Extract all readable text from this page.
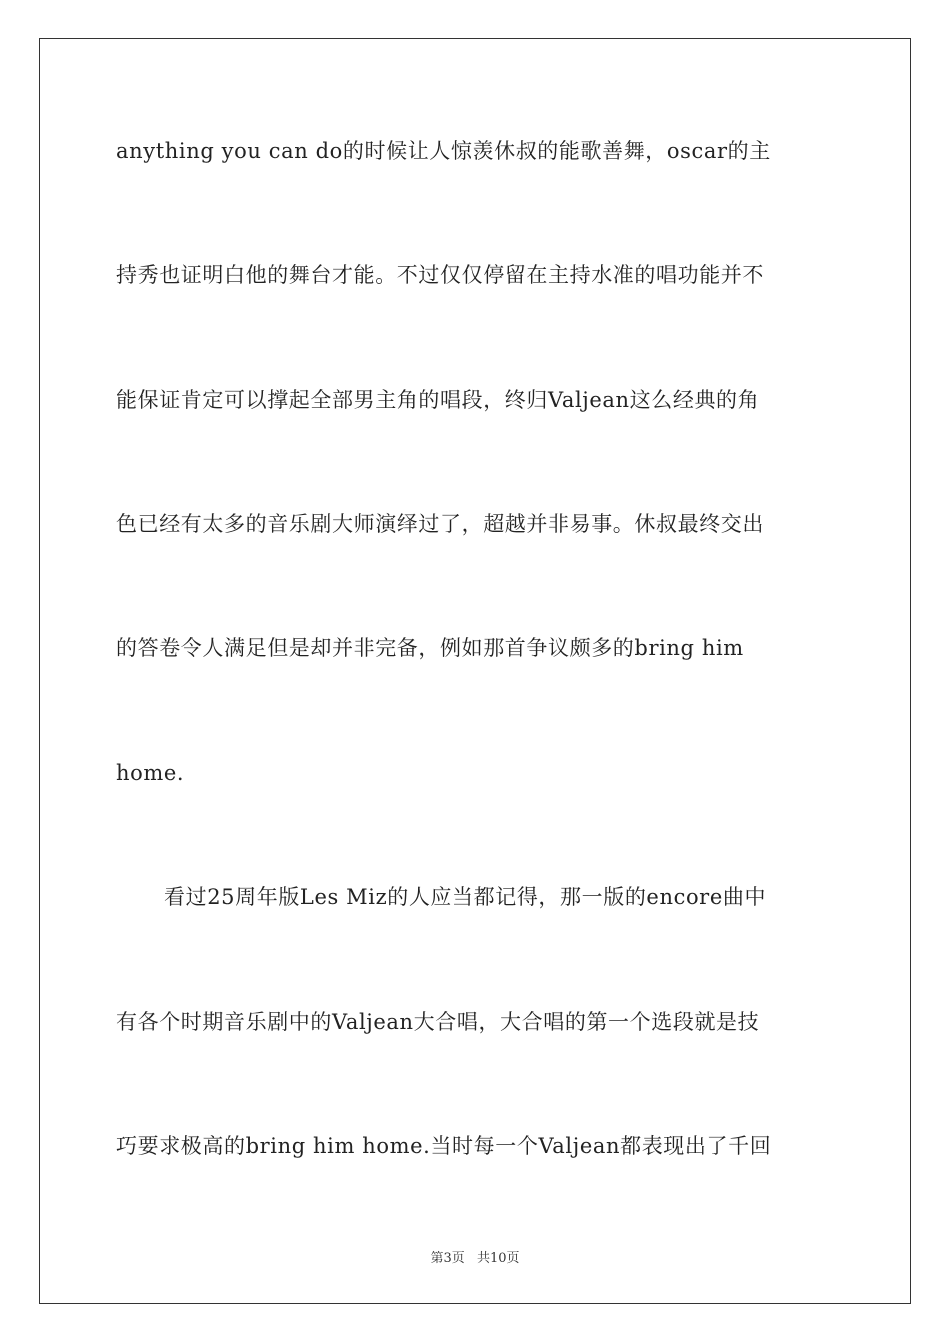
anything you can do的时候让人惊羡休叔的能歌善舞，oscar的主
持秀也证明白他的舞台才能。不过仅仅停留在主持水准的唱功能并不
能保证肯定可以撑起全部男主角的唱段，终归Valjean这么经典的角
色已经有太多的音乐剧大师演绎过了，超越并非易事。休叔最终交出
的答卷令人满足但是却并非完备，例如那首争议颇多的bring him
home.
看过25周年版Les Miz的人应当都记得，那一版的encore曲中
有各个时期音乐剧中的Valjean大合唱，大合唱的第一个选段就是技
巧要求极高的bring him home.当时每一个Valjean都表现出了千回
第3页 共10页
